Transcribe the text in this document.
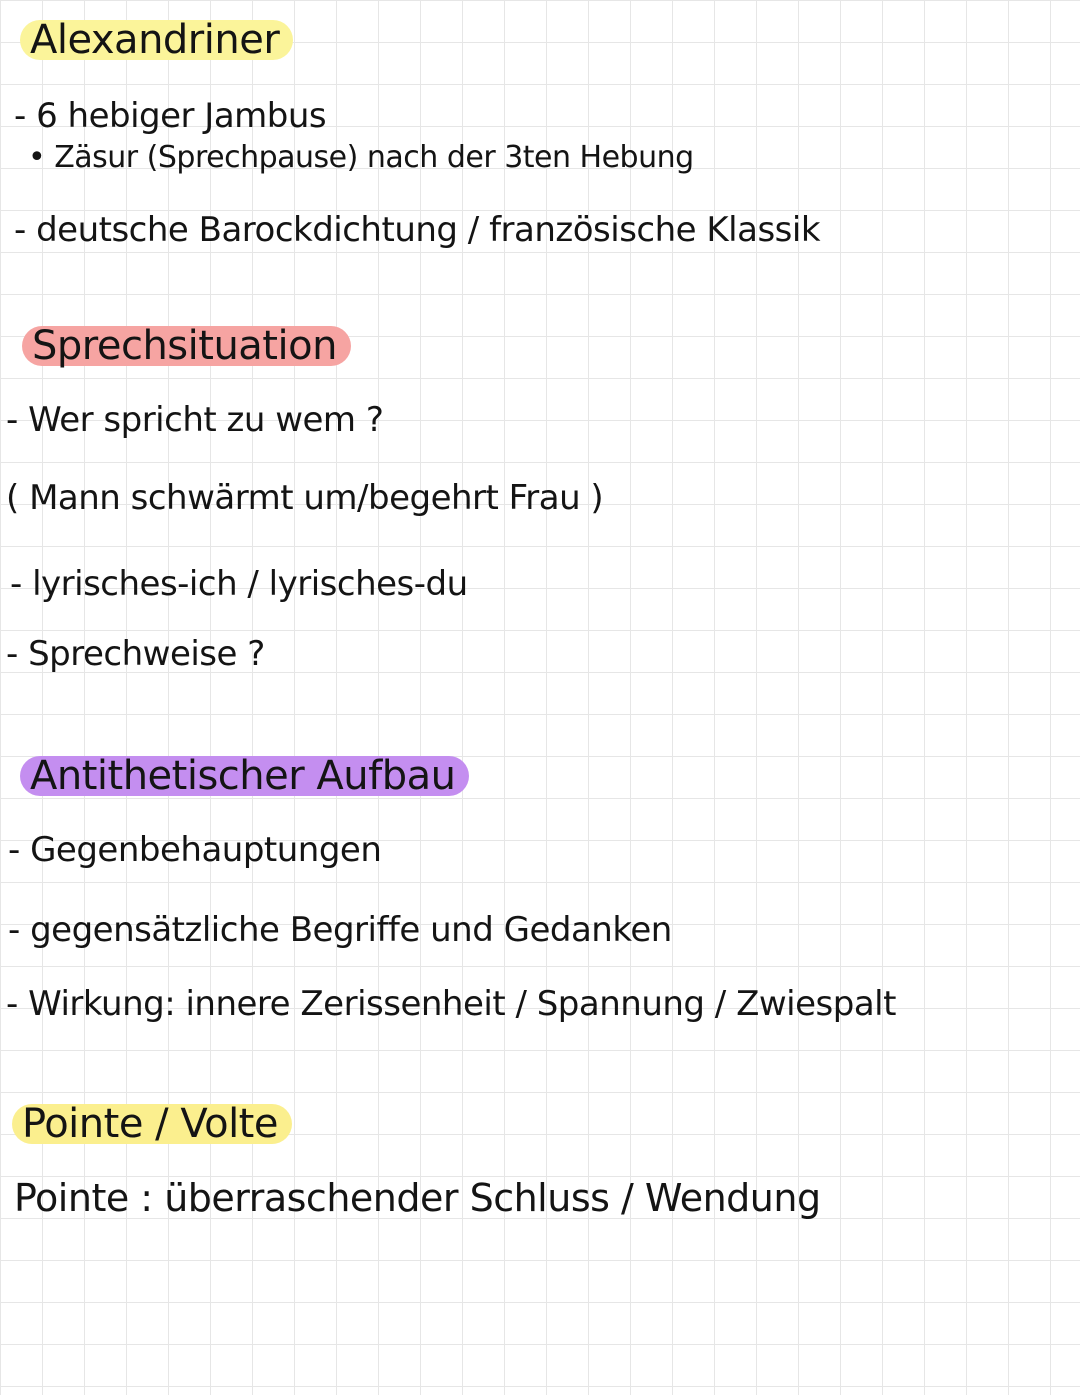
Alexandriner
- 6 hebiger Jambus
• Zäsur (Sprechpause) nach der 3ten Hebung
- deutsche Barockdichtung / französische Klassik
Sprechsituation
- Wer spricht zu wem ?
( Mann schwärmt um/begehrt Frau )
- lyrisches-ich / lyrisches-du
- Sprechweise ?
Antithetischer Aufbau
- Gegenbehauptungen
- gegensätzliche Begriffe und Gedanken
- Wirkung: innere Zerissenheit / Spannung / Zwiespalt
Pointe / Volte
Pointe : überraschender Schluss / Wendung
